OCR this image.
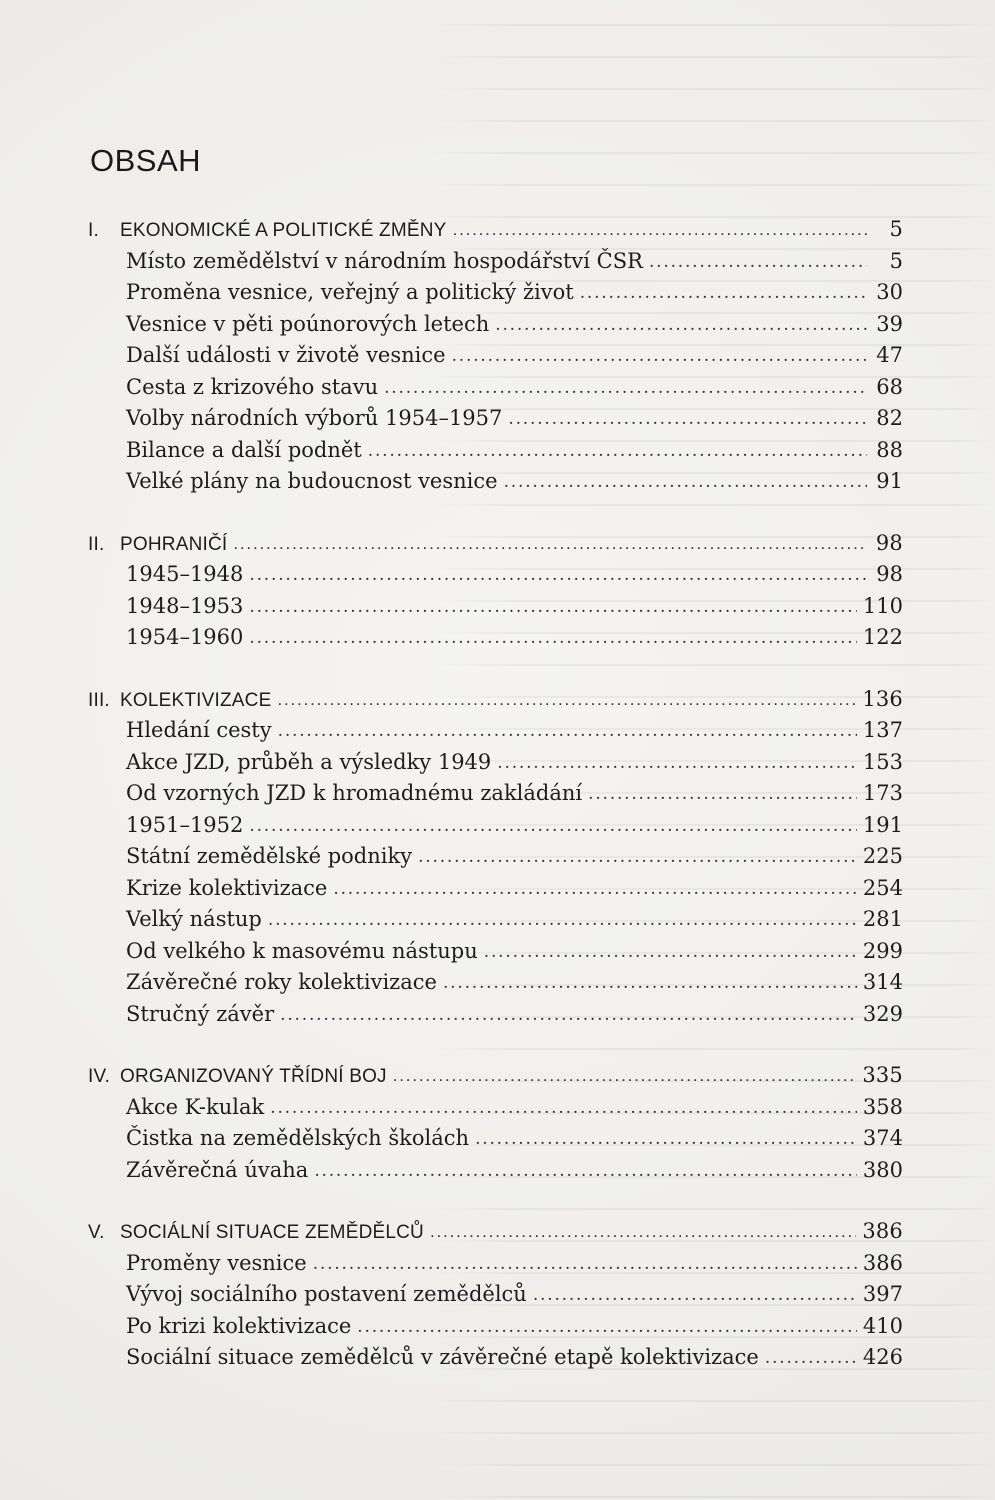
OBSAH
I.	EKONOMICKÉ A POLITICKÉ ZMĚNY .....	5
Místo zemědělství v národním hospodářství ČSR .....	5
Proměna vesnice, veřejný a politický život .....	30
Vesnice v pěti poúnorových letech .....	39
Další události v životě vesnice .....	47
Cesta z krizového stavu .....	68
Volby národních výborů 1954–1957 .....	82
Bilance a další podnět .....	88
Velké plány na budoucnost vesnice .....	91
II. POHRANIČÍ .....	98
1945–1948 .....	98
1948–1953 .....	110
1954–1960 .....	122
III. KOLEKTIVIZACE .....	136
Hledání cesty .....	137
Akce JZD, průběh a výsledky 1949 .....	153
Od vzorných JZD k hromadnému zakládání .....	173
1951–1952 .....	191
Státní zemědělské podniky .....	225
Krize kolektivizace .....	254
Velký nástup .....	281
Od velkého k masovému nástupu .....	299
Závěrečné roky kolektivizace .....	314
Stručný závěr .....	329
IV. ORGANIZOVANÝ TŘÍDNÍ BOJ .....	335
Akce K-kulak .....	358
Čistka na zemědělských školách .....	374
Závěrečná úvaha .....	380
V. SOCIÁLNÍ SITUACE ZEMĚDĚLCŮ .....	386
Proměny vesnice .....	386
Vývoj sociálního postavení zemědělců .....	397
Po krizi kolektivizace .....	410
Sociální situace zemědělců v závěrečné etapě kolektivizace .....	426
